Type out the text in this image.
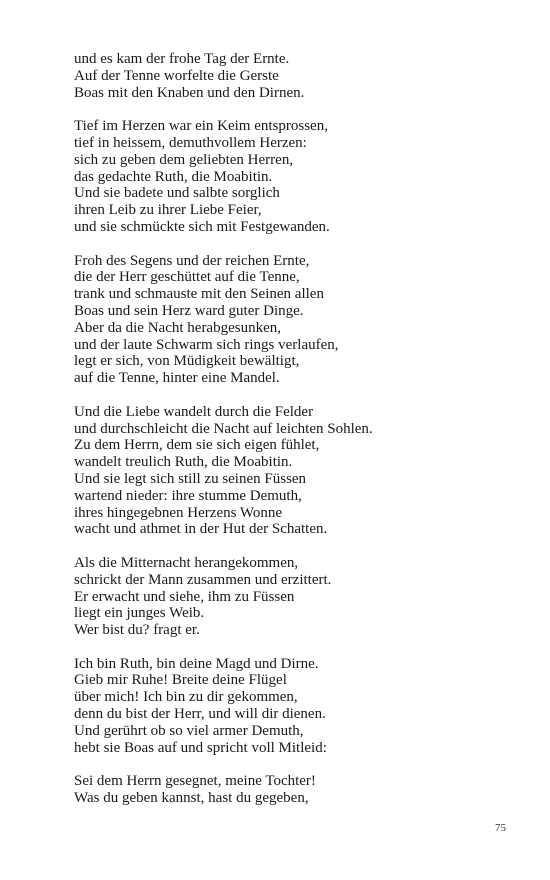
und es kam der frohe Tag der Ernte.
Auf der Tenne worfelte die Gerste
Boas mit den Knaben und den Dirnen.
Tief im Herzen war ein Keim entsprossen,
tief in heissem, demuthvollem Herzen:
sich zu geben dem geliebten Herren,
das gedachte Ruth, die Moabitin.
Und sie badete und salbte sorglich
ihren Leib zu ihrer Liebe Feier,
und sie schmückte sich mit Festgewanden.
Froh des Segens und der reichen Ernte,
die der Herr geschüttet auf die Tenne,
trank und schmauste mit den Seinen allen
Boas und sein Herz ward guter Dinge.
Aber da die Nacht herabgesunken,
und der laute Schwarm sich rings verlaufen,
legt er sich, von Müdigkeit bewältigt,
auf die Tenne, hinter eine Mandel.
Und die Liebe wandelt durch die Felder
und durchschleicht die Nacht auf leichten Sohlen.
Zu dem Herrn, dem sie sich eigen fühlet,
wandelt treulich Ruth, die Moabitin.
Und sie legt sich still zu seinen Füssen
wartend nieder: ihre stumme Demuth,
ihres hingegebnen Herzens Wonne
wacht und athmet in der Hut der Schatten.
Als die Mitternacht herangekommen,
schrickt der Mann zusammen und erzittert.
Er erwacht und siehe, ihm zu Füssen
liegt ein junges Weib.
Wer bist du? fragt er.
Ich bin Ruth, bin deine Magd und Dirne.
Gieb mir Ruhe! Breite deine Flügel
über mich! Ich bin zu dir gekommen,
denn du bist der Herr, und will dir dienen.
Und gerührt ob so viel armer Demuth,
hebt sie Boas auf und spricht voll Mitleid:
Sei dem Herrn gesegnet, meine Tochter!
Was du geben kannst, hast du gegeben,
75
